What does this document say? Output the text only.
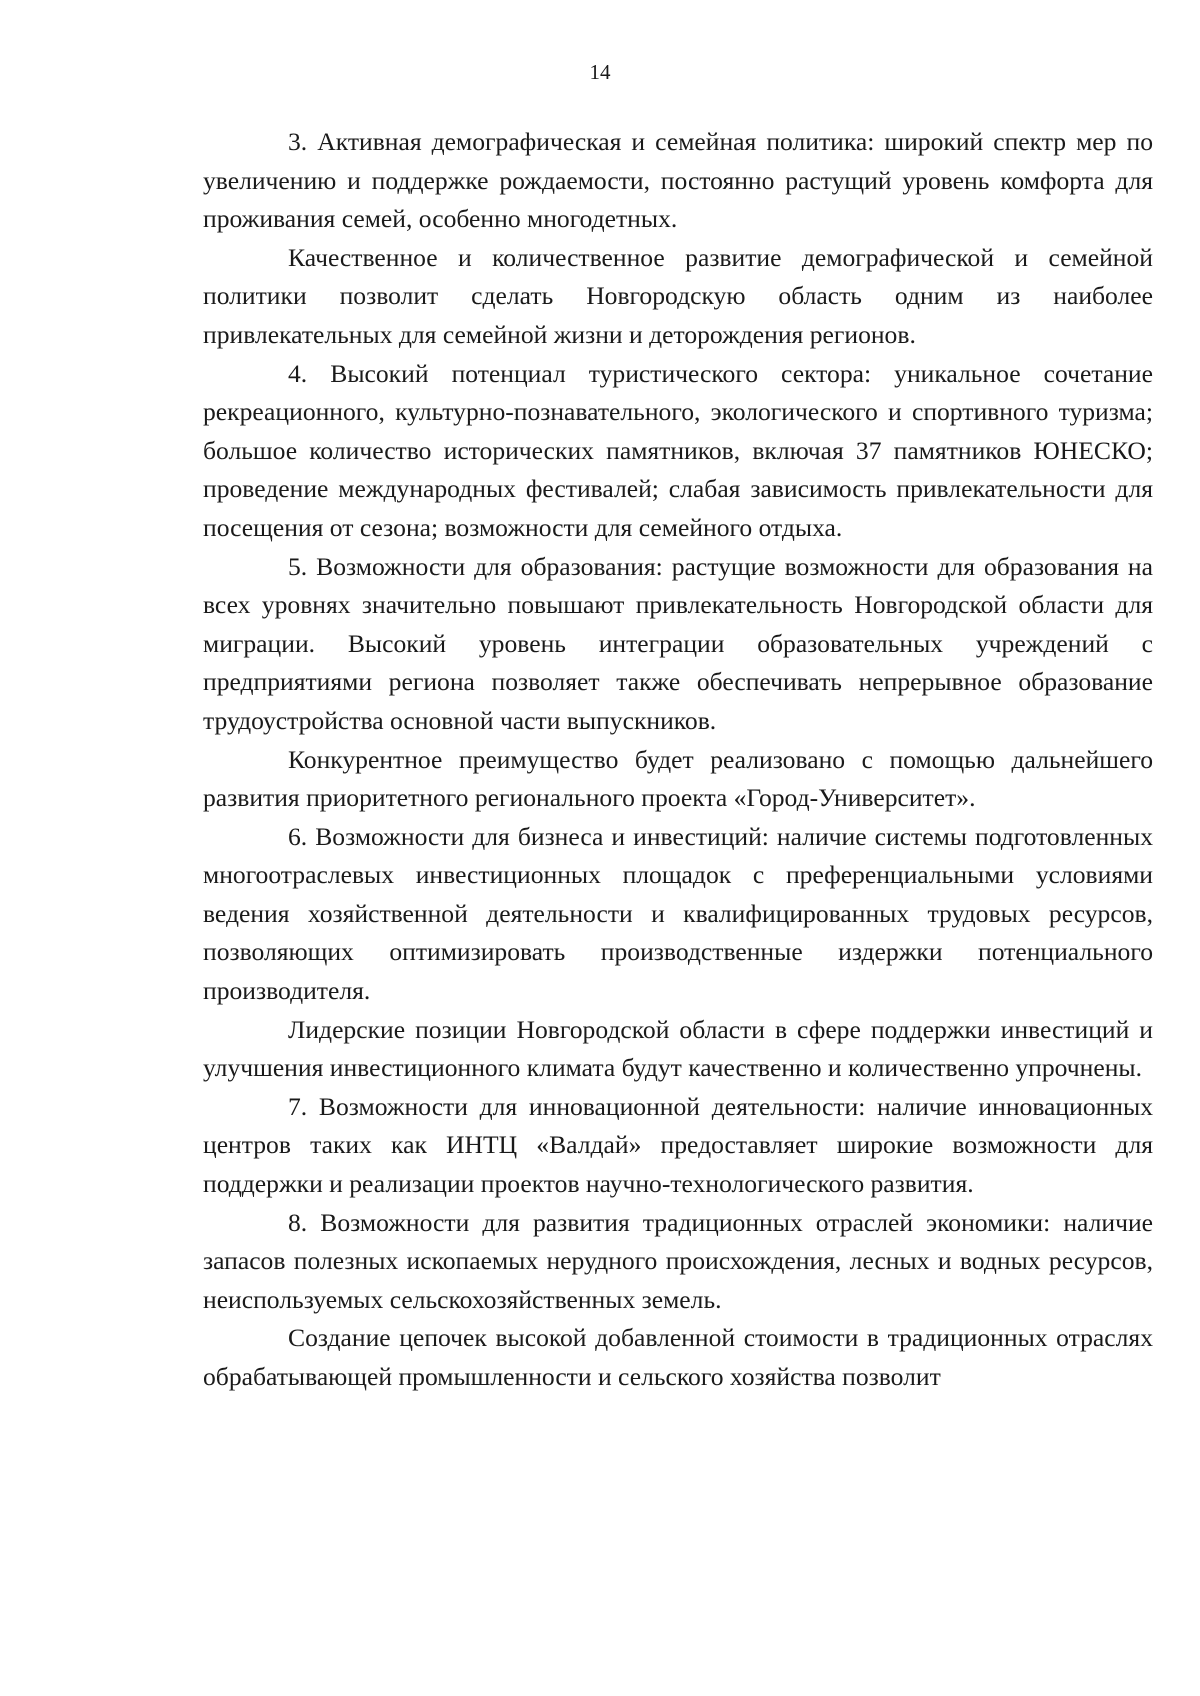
14

3. Активная демографическая и семейная политика: широкий спектр мер по увеличению и поддержке рождаемости, постоянно растущий уровень комфорта для проживания семей, особенно многодетных.

Качественное и количественное развитие демографической и семейной политики позволит сделать Новгородскую область одним из наиболее привлекательных для семейной жизни и деторождения регионов.

4. Высокий потенциал туристического сектора: уникальное сочетание рекреационного, культурно-познавательного, экологического и спортивного туризма; большое количество исторических памятников, включая 37 памятников ЮНЕСКО; проведение международных фестивалей; слабая зависимость привлекательности для посещения от сезона; возможности для семейного отдыха.

5. Возможности для образования: растущие возможности для образования на всех уровнях значительно повышают привлекательность Новгородской области для миграции. Высокий уровень интеграции образовательных учреждений с предприятиями региона позволяет также обеспечивать непрерывное образование трудоустройства основной части выпускников.

Конкурентное преимущество будет реализовано с помощью дальнейшего развития приоритетного регионального проекта «Город-Университет».

6. Возможности для бизнеса и инвестиций: наличие системы подготовленных многоотраслевых инвестиционных площадок с преференциальными условиями ведения хозяйственной деятельности и квалифицированных трудовых ресурсов, позволяющих оптимизировать производственные издержки потенциального производителя.

Лидерские позиции Новгородской области в сфере поддержки инвестиций и улучшения инвестиционного климата будут качественно и количественно упрочнены.

7. Возможности для инновационной деятельности: наличие инновационных центров таких как ИНТЦ «Валдай» предоставляет широкие возможности для поддержки и реализации проектов научно-технологического развития.

8. Возможности для развития традиционных отраслей экономики: наличие запасов полезных ископаемых нерудного происхождения, лесных и водных ресурсов, неиспользуемых сельскохозяйственных земель.

Создание цепочек высокой добавленной стоимости в традиционных отраслях обрабатывающей промышленности и сельского хозяйства позволит
